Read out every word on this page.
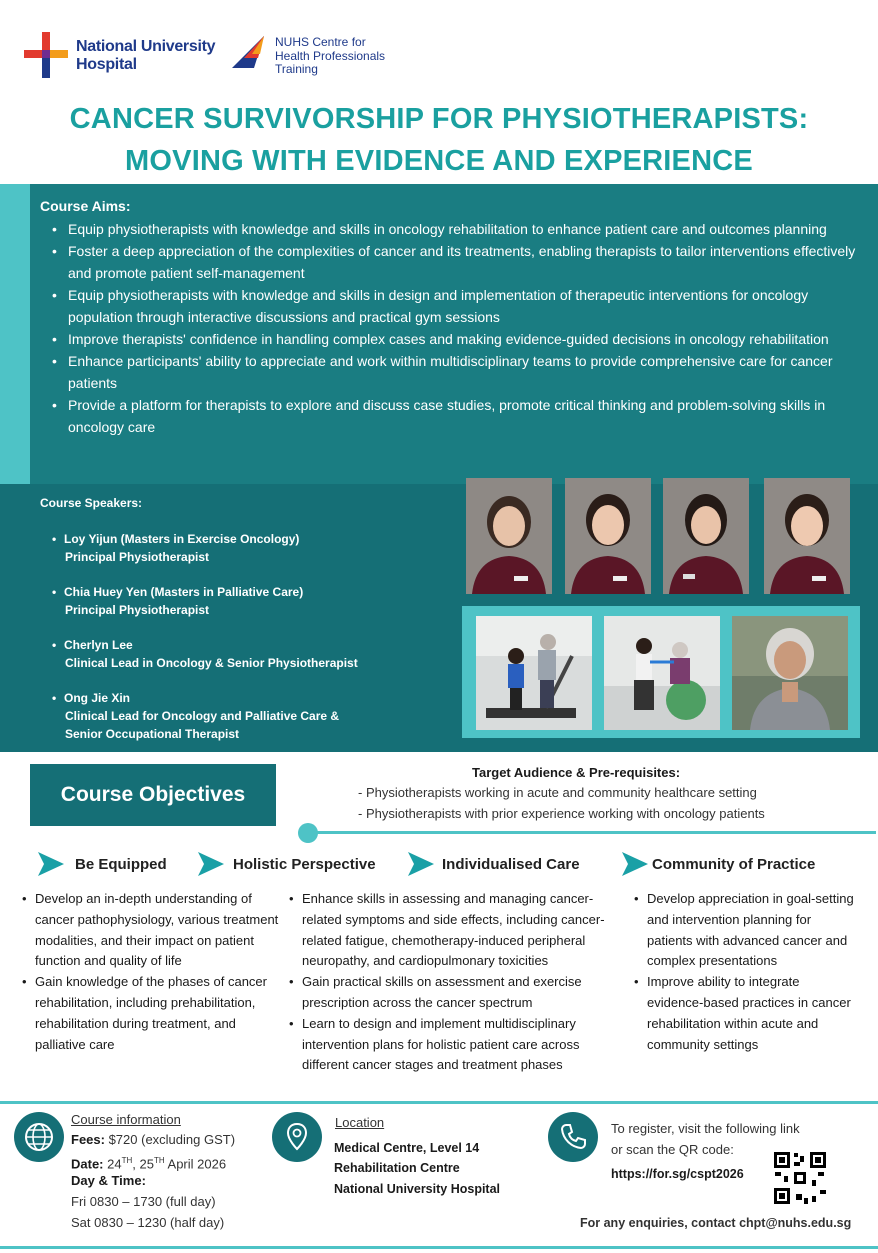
National University
Hospital
NUHS Centre for
Health Professionals
Training
CANCER SURVIVORSHIP FOR PHYSIOTHERAPISTS:
MOVING WITH EVIDENCE AND EXPERIENCE
Course Aims:
• Equip physiotherapists with knowledge and skills in oncology rehabilitation to enhance patient care and outcomes planning
• Foster a deep appreciation of the complexities of cancer and its treatments, enabling therapists to tailor interventions effectively and promote patient self-management
• Equip physiotherapists with knowledge and skills in design and implementation of therapeutic interventions for oncology population through interactive discussions and practical gym sessions
• Improve therapists' confidence in handling complex cases and making evidence-guided decisions in oncology rehabilitation
• Enhance participants' ability to appreciate and work within multidisciplinary teams to provide comprehensive care for cancer patients
• Provide a platform for therapists to explore and discuss case studies, promote critical thinking and problem-solving skills in oncology care
Course Speakers:
• Loy Yijun (Masters in Exercise Oncology)
Principal Physiotherapist
• Chia Huey Yen (Masters in Palliative Care)
Principal Physiotherapist
• Cherlyn Lee
Clinical Lead in Oncology & Senior Physiotherapist
• Ong Jie Xin
Clinical Lead for Oncology and Palliative Care &
Senior Occupational Therapist
Course Objectives
Target Audience & Pre-requisites:
- Physiotherapists working in acute and community healthcare setting
- Physiotherapists with prior experience working with oncology patients
Be Equipped	Holistic Perspective	Individualised Care	Community of Practice
• Develop an in-depth understanding of cancer pathophysiology, various treatment modalities, and their impact on patient function and quality of life
• Gain knowledge of the phases of cancer rehabilitation, including prehabilitation, rehabilitation during treatment, and palliative care
• Enhance skills in assessing and managing cancer-related symptoms and side effects, including cancer-related fatigue, chemotherapy-induced peripheral neuropathy, and cardiopulmonary toxicities
• Gain practical skills on assessment and exercise prescription across the cancer spectrum
• Learn to design and implement multidisciplinary intervention plans for holistic patient care across different cancer stages and treatment phases
• Develop appreciation in goal-setting and intervention planning for patients with advanced cancer and complex presentations
• Improve ability to integrate evidence-based practices in cancer rehabilitation within acute and community settings
Course information
Fees: $720 (excluding GST)
Date: 24TH, 25TH April 2026
Day & Time:
Fri 0830 – 1730 (full day)
Sat 0830 – 1230 (half day)
Location
Medical Centre, Level 14
Rehabilitation Centre
National University Hospital
To register, visit the following link
or scan the QR code:
https://for.sg/cspt2026
For any enquiries, contact chpt@nuhs.edu.sg
